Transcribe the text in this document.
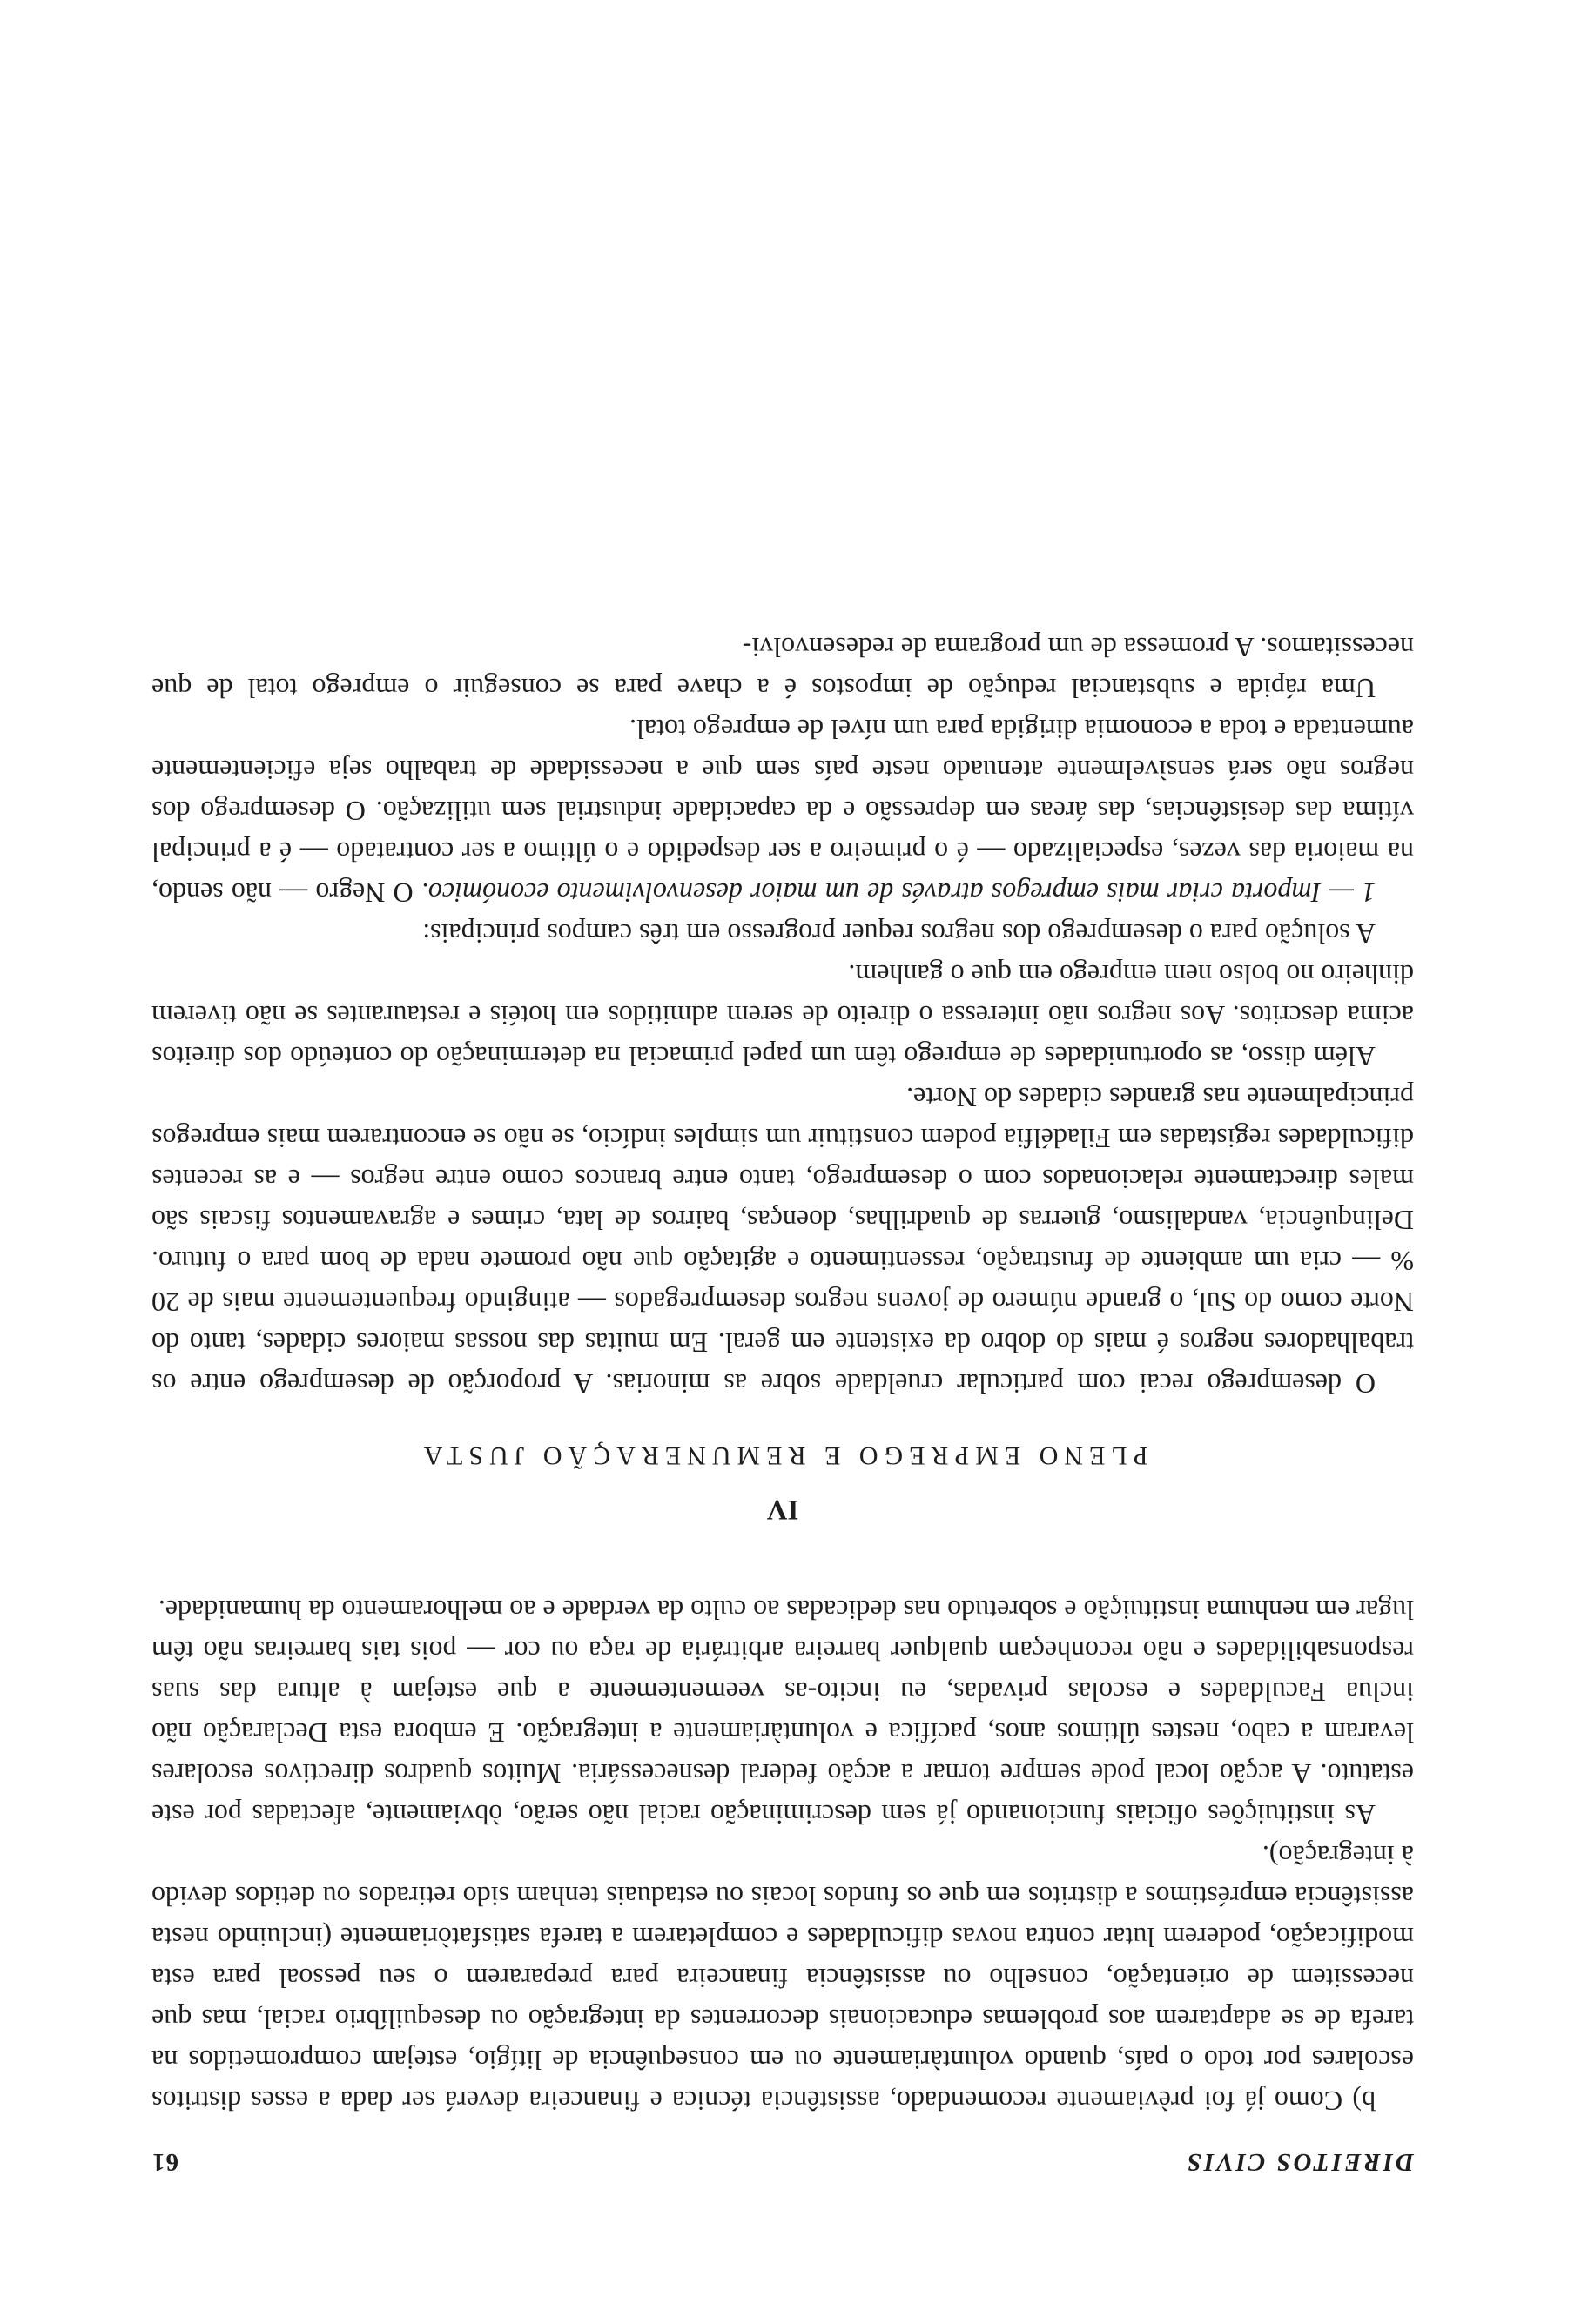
DIREITOS CIVIS
61

b) Como já foi prèviamente recomendado, assistência técnica e financeira deverá ser dada a esses distritos escolares por todo o país, quando voluntàriamente ou em consequência de litígio, estejam comprometidos na tarefa de se adaptarem aos problemas educacionais decorrentes da integração ou desequilíbrio racial, mas que necessitem de orientação, conselho ou assistência financeira para prepararem o seu pessoal para esta modificação, poderem lutar contra novas dificuldades e completarem a tarefa satisfatòriamente (incluindo nesta assistência empréstimos a distritos em que os fundos locais ou estaduais tenham sido retirados ou detidos devido à integração).

As instituições oficiais funcionando já sem descriminação racial não serão, òbviamente, afectadas por este estatuto. A acção local pode sempre tornar a acção federal desnecessária. Muitos quadros directivos escolares levaram a cabo, nestes últimos anos, pacífica e voluntàriamente a integração. E embora esta Declaração não inclua Faculdades e escolas privadas, eu incito-as veementemente a que estejam à altura das suas responsabilidades e não reconheçam qualquer barreira arbitrária de raça ou cor — pois tais barreiras não têm lugar em nenhuma instituição e sobretudo nas dedicadas ao culto da verdade e ao melhoramento da humanidade.

IV
PLENO EMPREGO E REMUNERAÇÃO JUSTA

O desemprego recai com particular crueldade sobre as minorias. A proporção de desemprego entre os trabalhadores negros é mais do dobro da existente em geral. Em muitas das nossas maiores cidades, tanto do Norte como do Sul, o grande número de jovens negros desempregados — atingindo frequentemente mais de 20 % — cria um ambiente de frustração, ressentimento e agitação que não promete nada de bom para o futuro. Delinquência, vandalismo, guerras de quadrilhas, doenças, bairros de lata, crimes e agravamentos fiscais são males directamente relacionados com o desemprego, tanto entre brancos como entre negros — e as recentes dificuldades registadas em Filadélfia podem constituir um simples indício, se não se encontrarem mais empregos principalmente nas grandes cidades do Norte.

Além disso, as oportunidades de emprego têm um papel primacial na determinação do conteúdo dos direitos acima descritos. Aos negros não interessa o direito de serem admitidos em hotéis e restaurantes se não tiverem dinheiro no bolso nem emprego em que o ganhem.

A solução para o desemprego dos negros requer progresso em três campos principais:

1 — Importa criar mais empregos através de um maior desenvolvimento económico. O Negro — não sendo, na maioria das vezes, especializado — é o primeiro a ser despedido e o último a ser contratado — é a principal vítima das desistências, das áreas em depressão e da capacidade industrial sem utilização. O desemprego dos negros não será sensìvelmente atenuado neste país sem que a necessidade de trabalho seja eficientemente aumentada e toda a economia dirigida para um nível de emprego total.

Uma rápida e substancial redução de impostos é a chave para se conseguir o emprego total de que necessitamos. A promessa de um programa de redesenvolvi-
